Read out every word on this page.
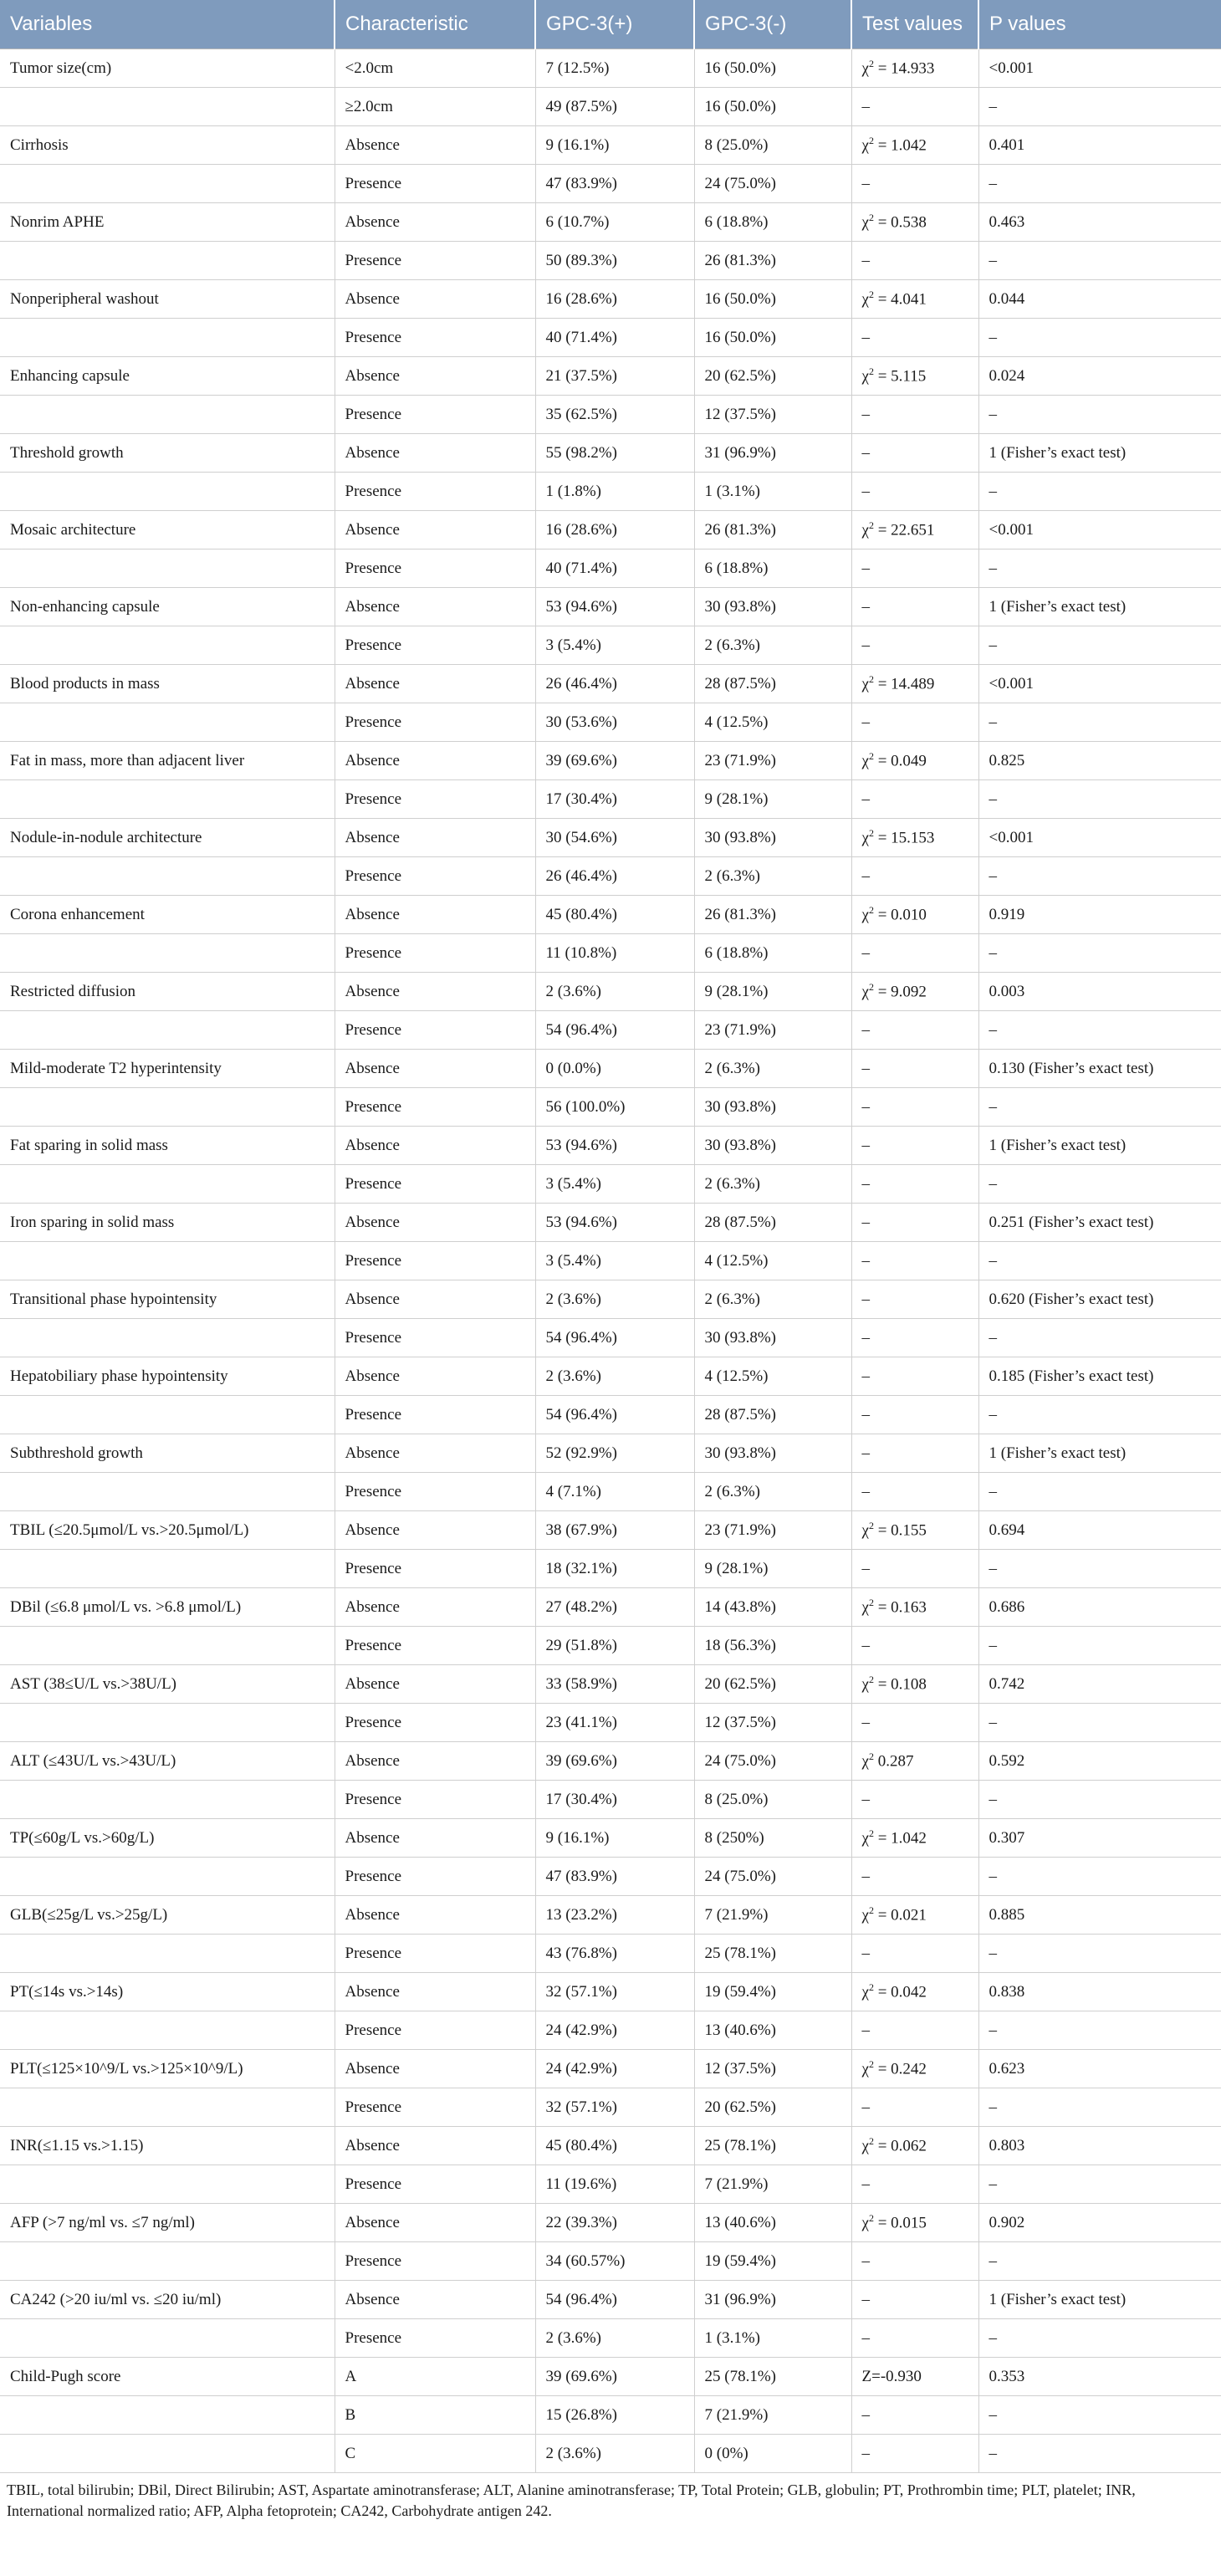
Variables	Characteristic	GPC-3(+)	GPC-3(-)	Test values	P values
Tumor size(cm)	<2.0cm	7 (12.5%)	16 (50.0%)	$\chi^2 = 14.933$	<0.001
	≥2.0cm	49 (87.5%)	16 (50.0%)	–	–
Cirrhosis	Absence	9 (16.1%)	8 (25.0%)	$\chi^2 = 1.042$	0.401
	Presence	47 (83.9%)	24 (75.0%)	–	–
Nonrim APHE	Absence	6 (10.7%)	6 (18.8%)	$\chi^2 = 0.538$	0.463
	Presence	50 (89.3%)	26 (81.3%)	–	–
Nonperipheral washout	Absence	16 (28.6%)	16 (50.0%)	$\chi^2 = 4.041$	0.044
	Presence	40 (71.4%)	16 (50.0%)	–	–
Enhancing capsule	Absence	21 (37.5%)	20 (62.5%)	$\chi^2 = 5.115$	0.024
	Presence	35 (62.5%)	12 (37.5%)	–	–
Threshold growth	Absence	55 (98.2%)	31 (96.9%)	–	1 (Fisher’s exact test)
	Presence	1 (1.8%)	1 (3.1%)	–	–
Mosaic architecture	Absence	16 (28.6%)	26 (81.3%)	$\chi^2 = 22.651$	<0.001
	Presence	40 (71.4%)	6 (18.8%)	–	–
Non-enhancing capsule	Absence	53 (94.6%)	30 (93.8%)	–	1 (Fisher’s exact test)
	Presence	3 (5.4%)	2 (6.3%)	–	–
Blood products in mass	Absence	26 (46.4%)	28 (87.5%)	$\chi^2 = 14.489$	<0.001
	Presence	30 (53.6%)	4 (12.5%)	–	–
Fat in mass, more than adjacent liver	Absence	39 (69.6%)	23 (71.9%)	$\chi^2 = 0.049$	0.825
	Presence	17 (30.4%)	9 (28.1%)	–	–
Nodule-in-nodule architecture	Absence	30 (54.6%)	30 (93.8%)	$\chi^2 = 15.153$	<0.001
	Presence	26 (46.4%)	2 (6.3%)	–	–
Corona enhancement	Absence	45 (80.4%)	26 (81.3%)	$\chi^2 = 0.010$	0.919
	Presence	11 (10.8%)	6 (18.8%)	–	–
Restricted diffusion	Absence	2 (3.6%)	9 (28.1%)	$\chi^2 = 9.092$	0.003
	Presence	54 (96.4%)	23 (71.9%)	–	–
Mild-moderate T2 hyperintensity	Absence	0 (0.0%)	2 (6.3%)	–	0.130 (Fisher’s exact test)
	Presence	56 (100.0%)	30 (93.8%)	–	–
Fat sparing in solid mass	Absence	53 (94.6%)	30 (93.8%)	–	1 (Fisher’s exact test)
	Presence	3 (5.4%)	2 (6.3%)	–	–
Iron sparing in solid mass	Absence	53 (94.6%)	28 (87.5%)	–	0.251 (Fisher’s exact test)
	Presence	3 (5.4%)	4 (12.5%)	–	–
Transitional phase hypointensity	Absence	2 (3.6%)	2 (6.3%)	–	0.620 (Fisher’s exact test)
	Presence	54 (96.4%)	30 (93.8%)	–	–
Hepatobiliary phase hypointensity	Absence	2 (3.6%)	4 (12.5%)	–	0.185 (Fisher’s exact test)
	Presence	54 (96.4%)	28 (87.5%)	–	–
Subthreshold growth	Absence	52 (92.9%)	30 (93.8%)	–	1 (Fisher’s exact test)
	Presence	4 (7.1%)	2 (6.3%)	–	–
TBIL (≤20.5μmol/L vs.>20.5μmol/L)	Absence	38 (67.9%)	23 (71.9%)	$\chi^2 = 0.155$	0.694
	Presence	18 (32.1%)	9 (28.1%)	–	–
DBil (≤6.8 μmol/L vs. >6.8 μmol/L)	Absence	27 (48.2%)	14 (43.8%)	$\chi^2 = 0.163$	0.686
	Presence	29 (51.8%)	18 (56.3%)	–	–
AST (38≤U/L vs.>38U/L)	Absence	33 (58.9%)	20 (62.5%)	$\chi^2 = 0.108$	0.742
	Presence	23 (41.1%)	12 (37.5%)	–	–
ALT (≤43U/L vs.>43U/L)	Absence	39 (69.6%)	24 (75.0%)	$\chi^2$ 0.287	0.592
	Presence	17 (30.4%)	8 (25.0%)	–	–
TP(≤60g/L vs.>60g/L)	Absence	9 (16.1%)	8 (250%)	$\chi^2 = 1.042$	0.307
	Presence	47 (83.9%)	24 (75.0%)	–	–
GLB(≤25g/L vs.>25g/L)	Absence	13 (23.2%)	7 (21.9%)	$\chi^2 = 0.021$	0.885
	Presence	43 (76.8%)	25 (78.1%)	–	–
PT(≤14s vs.>14s)	Absence	32 (57.1%)	19 (59.4%)	$\chi^2 = 0.042$	0.838
	Presence	24 (42.9%)	13 (40.6%)	–	–
PLT(≤125×10^9/L vs.>125×10^9/L)	Absence	24 (42.9%)	12 (37.5%)	$\chi^2 = 0.242$	0.623
	Presence	32 (57.1%)	20 (62.5%)	–	–
INR(≤1.15 vs.>1.15)	Absence	45 (80.4%)	25 (78.1%)	$\chi^2 = 0.062$	0.803
	Presence	11 (19.6%)	7 (21.9%)	–	–
AFP (>7 ng/ml vs. ≤7 ng/ml)	Absence	22 (39.3%)	13 (40.6%)	$\chi^2 = 0.015$	0.902
	Presence	34 (60.57%)	19 (59.4%)	–	–
CA242 (>20 iu/ml vs. ≤20 iu/ml)	Absence	54 (96.4%)	31 (96.9%)	–	1 (Fisher’s exact test)
	Presence	2 (3.6%)	1 (3.1%)	–	–
Child-Pugh score	A	39 (69.6%)	25 (78.1%)	Z=-0.930	0.353
	B	15 (26.8%)	7 (21.9%)	–	–
	C	2 (3.6%)	0 (0%)	–	–
TBIL, total bilirubin; DBil, Direct Bilirubin; AST, Aspartate aminotransferase; ALT, Alanine aminotransferase; TP, Total Protein; GLB, globulin; PT, Prothrombin time; PLT, platelet; INR, International normalized ratio; AFP, Alpha fetoprotein; CA242, Carbohydrate antigen 242.
